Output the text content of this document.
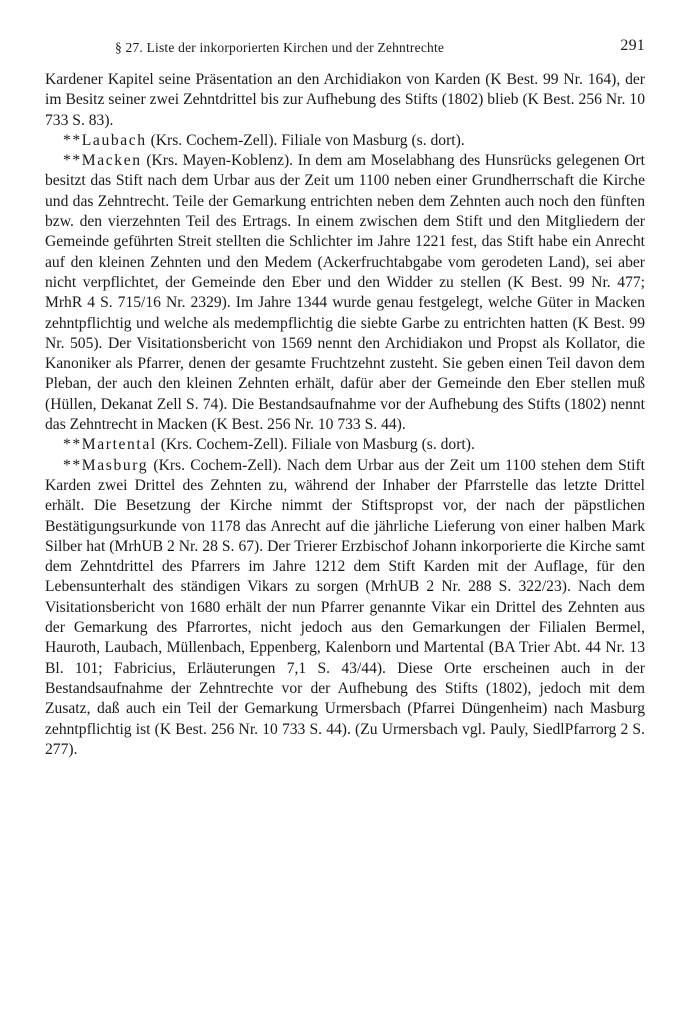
§ 27. Liste der inkorporierten Kirchen und der Zehntrechte	291

Kardener Kapitel seine Präsentation an den Archidiakon von Karden (K Best. 99 Nr. 164), der im Besitz seiner zwei Zehntdrittel bis zur Aufhebung des Stifts (1802) blieb (K Best. 256 Nr. 10 733 S. 83).

**Laubach (Krs. Cochem-Zell). Filiale von Masburg (s. dort).

**Macken (Krs. Mayen-Koblenz). In dem am Moselabhang des Hunsrücks gelegenen Ort besitzt das Stift nach dem Urbar aus der Zeit um 1100 neben einer Grundherrschaft die Kirche und das Zehntrecht. Teile der Gemarkung entrichten neben dem Zehnten auch noch den fünften bzw. den vierzehnten Teil des Ertrags. In einem zwischen dem Stift und den Mitgliedern der Gemeinde geführten Streit stellten die Schlichter im Jahre 1221 fest, das Stift habe ein Anrecht auf den kleinen Zehnten und den Medem (Ackerfruchtabgabe vom gerodeten Land), sei aber nicht verpflichtet, der Gemeinde den Eber und den Widder zu stellen (K Best. 99 Nr. 477; MrhR 4 S. 715/16 Nr. 2329). Im Jahre 1344 wurde genau festgelegt, welche Güter in Macken zehntpflichtig und welche als medempflichtig die siebte Garbe zu entrichten hatten (K Best. 99 Nr. 505). Der Visitationsbericht von 1569 nennt den Archidiakon und Propst als Kollator, die Kanoniker als Pfarrer, denen der gesamte Fruchtzehnt zusteht. Sie geben einen Teil davon dem Pleban, der auch den kleinen Zehnten erhält, dafür aber der Gemeinde den Eber stellen muß (Hüllen, Dekanat Zell S. 74). Die Bestandsaufnahme vor der Aufhebung des Stifts (1802) nennt das Zehntrecht in Macken (K Best. 256 Nr. 10 733 S. 44).

**Martental (Krs. Cochem-Zell). Filiale von Masburg (s. dort).

**Masburg (Krs. Cochem-Zell). Nach dem Urbar aus der Zeit um 1100 stehen dem Stift Karden zwei Drittel des Zehnten zu, während der Inhaber der Pfarrstelle das letzte Drittel erhält. Die Besetzung der Kirche nimmt der Stiftspropst vor, der nach der päpstlichen Bestätigungsurkunde von 1178 das Anrecht auf die jährliche Lieferung von einer halben Mark Silber hat (MrhUB 2 Nr. 28 S. 67). Der Trierer Erzbischof Johann inkorporierte die Kirche samt dem Zehntdrittel des Pfarrers im Jahre 1212 dem Stift Karden mit der Auflage, für den Lebensunterhalt des ständigen Vikars zu sorgen (MrhUB 2 Nr. 288 S. 322/23). Nach dem Visitationsbericht von 1680 erhält der nun Pfarrer genannte Vikar ein Drittel des Zehnten aus der Gemarkung des Pfarrortes, nicht jedoch aus den Gemarkungen der Filialen Bermel, Hauroth, Laubach, Müllenbach, Eppenberg, Kalenborn und Martental (BA Trier Abt. 44 Nr. 13 Bl. 101; Fabricius, Erläuterungen 7,1 S. 43/44). Diese Orte erscheinen auch in der Bestandsaufnahme der Zehntrechte vor der Aufhebung des Stifts (1802), jedoch mit dem Zusatz, daß auch ein Teil der Gemarkung Urmersbach (Pfarrei Düngenheim) nach Masburg zehntpflichtig ist (K Best. 256 Nr. 10 733 S. 44). (Zu Urmersbach vgl. Pauly, SiedlPfarrorg 2 S. 277).
